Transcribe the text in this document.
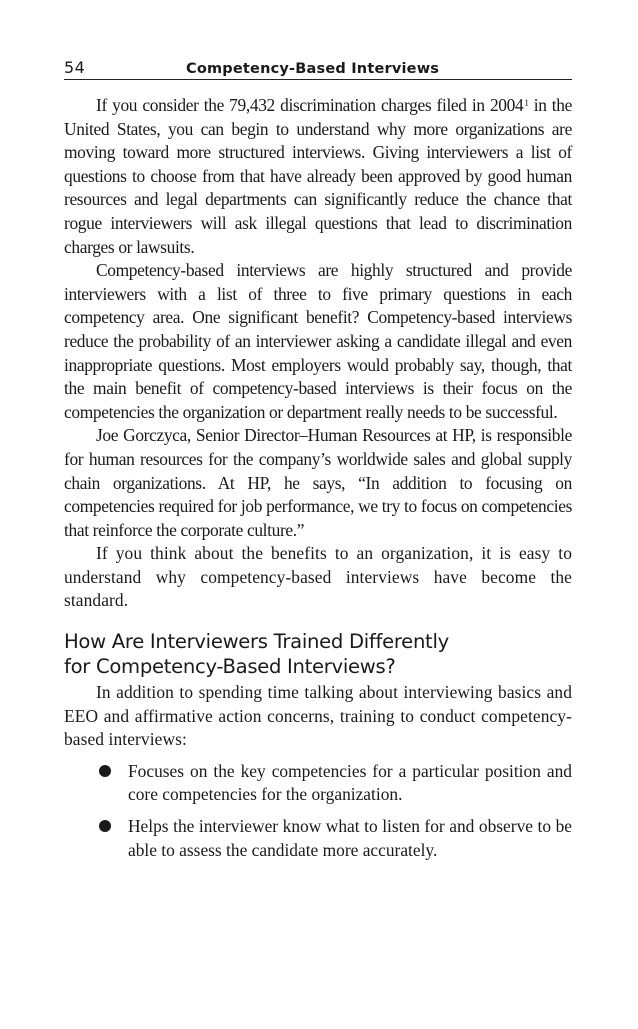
54	Competency-Based Interviews

If you consider the 79,432 discrimination charges filed in 2004$^1$ in the United States, you can begin to understand why more organizations are moving toward more structured interviews. Giving interviewers a list of questions to choose from that have already been approved by good human resources and legal departments can significantly reduce the chance that rogue interviewers will ask illegal questions that lead to discrimination charges or lawsuits.

Competency-based interviews are highly structured and provide interviewers with a list of three to five primary questions in each competency area. One significant benefit? Competency-based interviews reduce the probability of an interviewer asking a candidate illegal and even inappropriate questions. Most employers would probably say, though, that the main benefit of competency-based interviews is their focus on the competencies the organization or department really needs to be successful.

Joe Gorczyca, Senior Director–Human Resources at HP, is responsible for human resources for the company’s worldwide sales and global supply chain organizations. At HP, he says, “In addition to focusing on competencies required for job performance, we try to focus on competencies that reinforce the corporate culture.”

If you think about the benefits to an organization, it is easy to understand why competency-based interviews have become the standard.

How Are Interviewers Trained Differently
for Competency-Based Interviews?

In addition to spending time talking about interviewing basics and EEO and affirmative action concerns, training to conduct competency-based interviews:

Focuses on the key competencies for a particular position and core competencies for the organization.
Helps the interviewer know what to listen for and observe to be able to assess the candidate more accurately.
